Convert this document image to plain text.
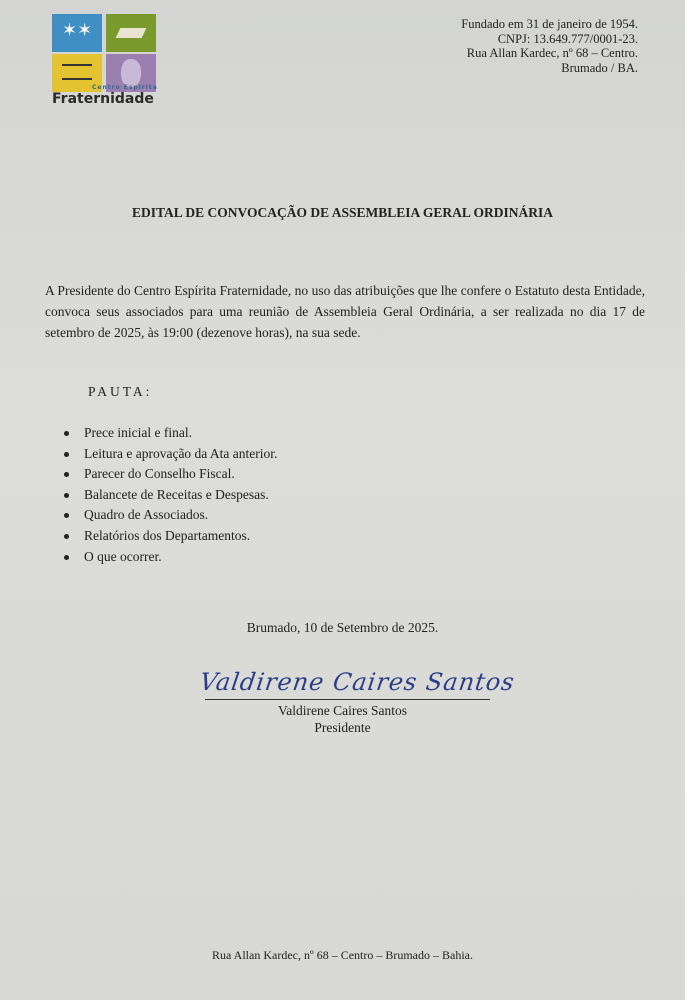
✶✶
Centro Espírita
Fraternidade
Fundado em 31 de janeiro de 1954.
CNPJ: 13.649.777/0001-23.
Rua Allan Kardec, nº 68 – Centro.
Brumado / BA.
EDITAL DE CONVOCAÇÃO DE ASSEMBLEIA GERAL ORDINÁRIA
A Presidente do Centro Espírita Fraternidade, no uso das atribuições que lhe confere o Estatuto desta Entidade, convoca seus associados para uma reunião de Assembleia Geral Ordinária, a ser realizada no dia 17 de setembro de 2025, às 19:00 (dezenove horas), na sua sede.
PAUTA:
Prece inicial e final.
Leitura e aprovação da Ata anterior.
Parecer do Conselho Fiscal.
Balancete de Receitas e Despesas.
Quadro de Associados.
Relatórios dos Departamentos.
O que ocorrer.
Brumado, 10 de Setembro de 2025.
Valdirene Caires Santos
Valdirene Caires Santos
Presidente
Rua Allan Kardec, nº 68 – Centro – Brumado – Bahia.
